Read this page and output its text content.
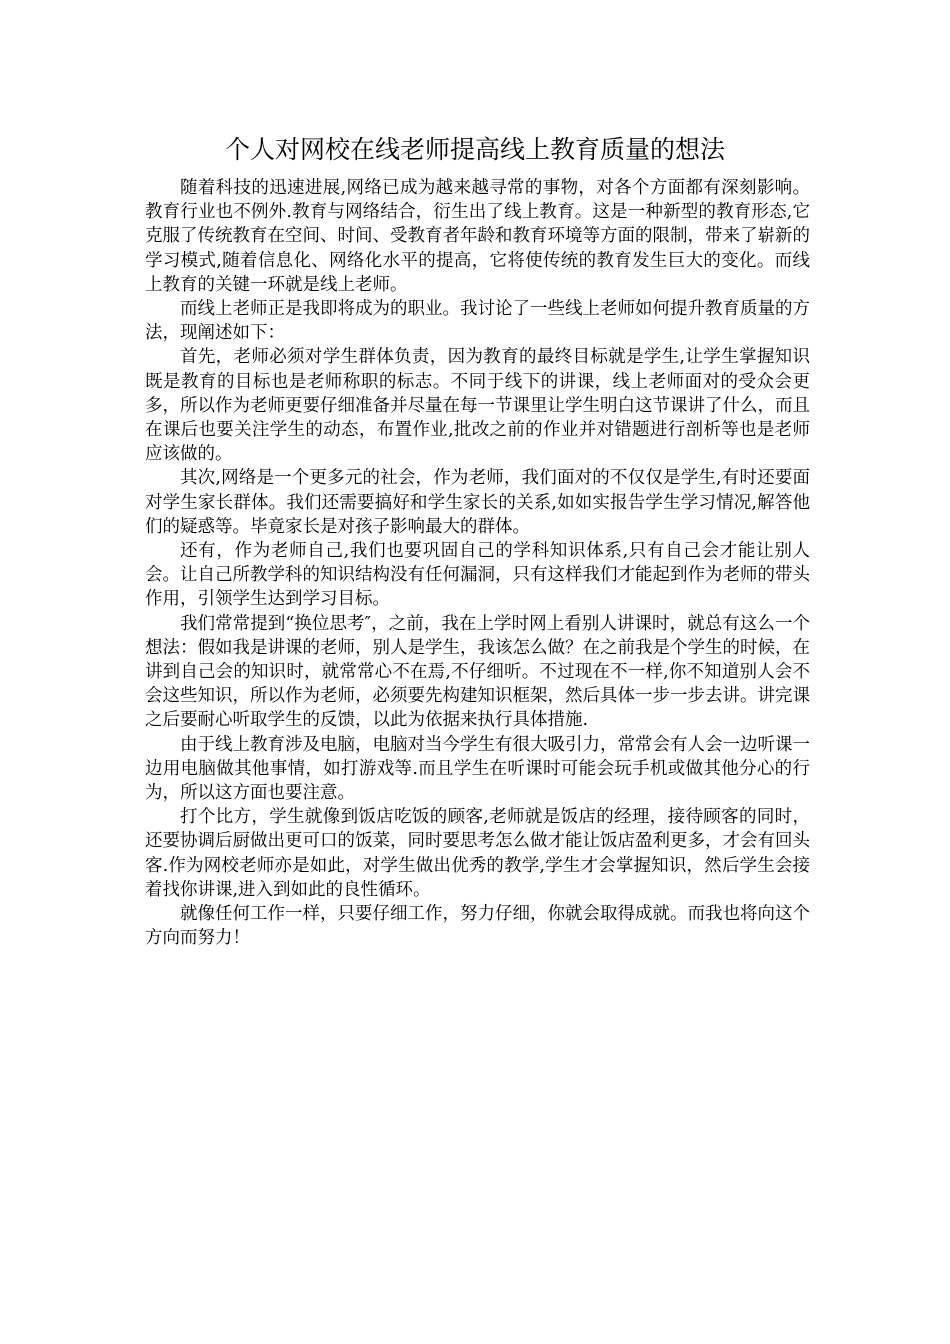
个人对网校在线老师提高线上教育质量的想法

随着科技的迅速进展,网络已成为越来越寻常的事物，对各个方面都有深刻影响。教育行业也不例外.教育与网络结合，衍生出了线上教育。这是一种新型的教育形态,它克服了传统教育在空间、时间、受教育者年龄和教育环境等方面的限制，带来了崭新的学习模式,随着信息化、网络化水平的提高，它将使传统的教育发生巨大的变化。而线上教育的关键一环就是线上老师。

而线上老师正是我即将成为的职业。我讨论了一些线上老师如何提升教育质量的方法，现阐述如下：

首先，老师必须对学生群体负责，因为教育的最终目标就是学生,让学生掌握知识既是教育的目标也是老师称职的标志。不同于线下的讲课，线上老师面对的受众会更多，所以作为老师更要仔细准备并尽量在每一节课里让学生明白这节课讲了什么，而且在课后也要关注学生的动态，布置作业,批改之前的作业并对错题进行剖析等也是老师应该做的。

其次,网络是一个更多元的社会，作为老师，我们面对的不仅仅是学生,有时还要面对学生家长群体。我们还需要搞好和学生家长的关系,如如实报告学生学习情况,解答他们的疑惑等。毕竟家长是对孩子影响最大的群体。

还有，作为老师自己,我们也要巩固自己的学科知识体系,只有自己会才能让别人会。让自己所教学科的知识结构没有任何漏洞，只有这样我们才能起到作为老师的带头作用，引领学生达到学习目标。

我们常常提到“换位思考″，之前，我在上学时网上看别人讲课时，就总有这么一个想法：假如我是讲课的老师，别人是学生，我该怎么做？在之前我是个学生的时候，在讲到自己会的知识时，就常常心不在焉,不仔细听。不过现在不一样,你不知道别人会不会这些知识，所以作为老师，必须要先构建知识框架，然后具体一步一步去讲。讲完课之后要耐心听取学生的反馈，以此为依据来执行具体措施.

由于线上教育涉及电脑，电脑对当今学生有很大吸引力，常常会有人会一边听课一边用电脑做其他事情，如打游戏等.而且学生在听课时可能会玩手机或做其他分心的行为，所以这方面也要注意。

打个比方，学生就像到饭店吃饭的顾客,老师就是饭店的经理，接待顾客的同时，还要协调后厨做出更可口的饭菜，同时要思考怎么做才能让饭店盈利更多，才会有回头客.作为网校老师亦是如此，对学生做出优秀的教学,学生才会掌握知识，然后学生会接着找你讲课,进入到如此的良性循环。

就像任何工作一样，只要仔细工作，努力仔细，你就会取得成就。而我也将向这个方向而努力！
